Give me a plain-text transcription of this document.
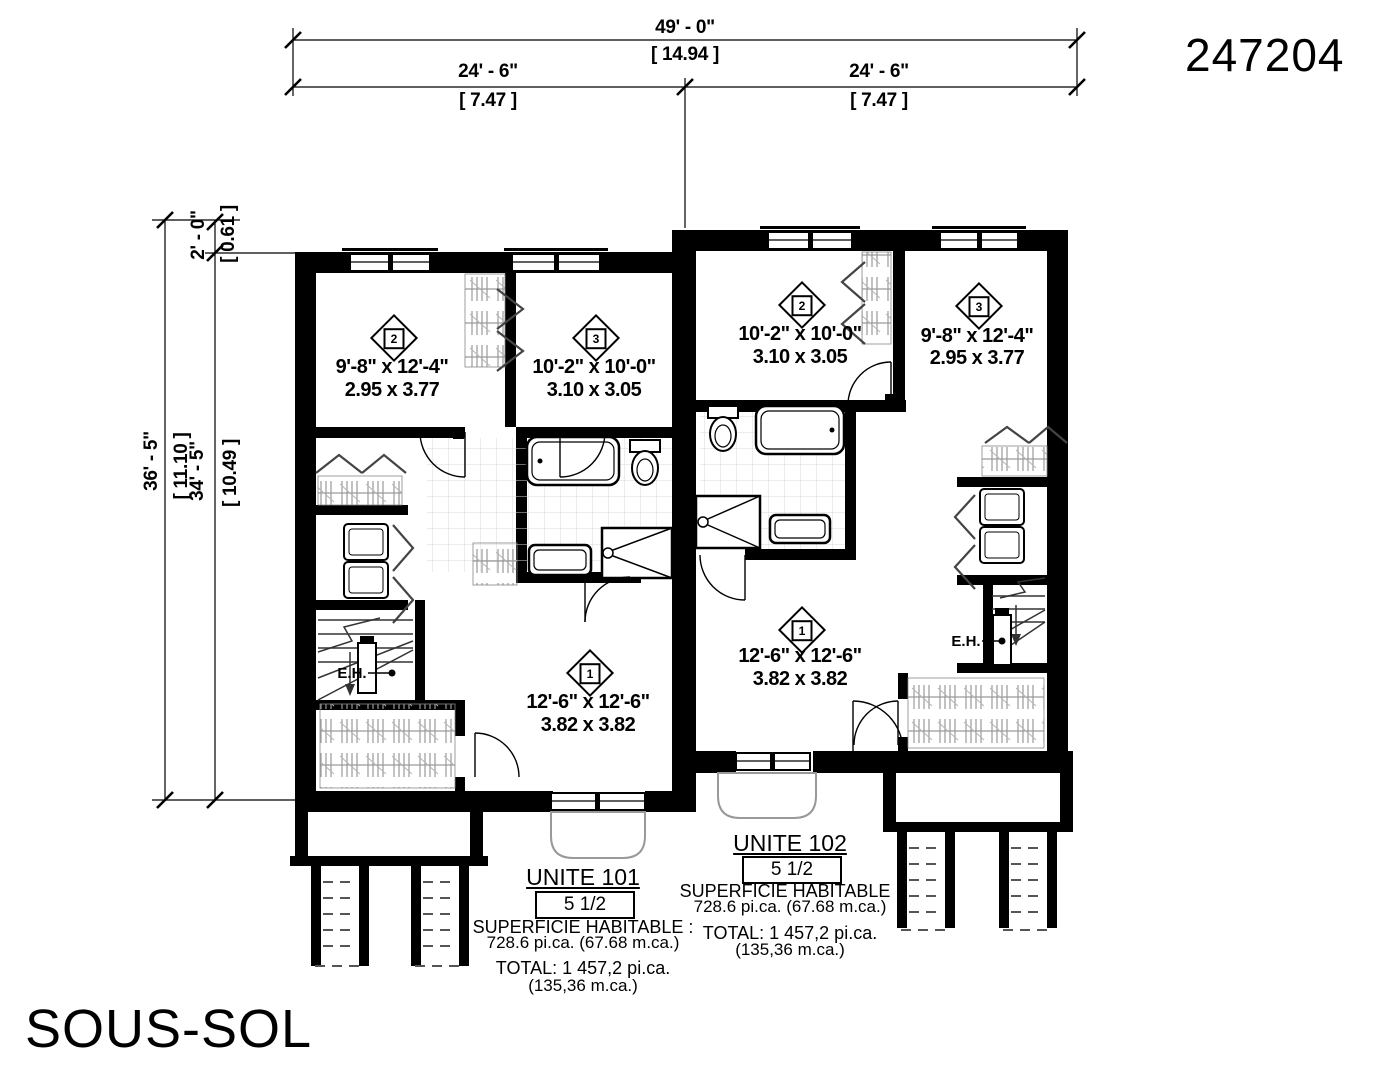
247204
49' - 0"
[ 14.94 ]
24' - 6"
[ 7.47 ]
24' - 6"
[ 7.47 ]
36' - 5" [ 11.10 ]
34' - 5" [ 10.49 ]
2' - 0" [ 0.61 ]
2
9'-8" x 12'-4"
2.95 x 3.77
3
10'-2" x 10'-0"
3.10 x 3.05
1
12'-6" x 12'-6"
3.82 x 3.82
E.H.
2
10'-2" x 10'-0"
3.10 x 3.05
3
9'-8" x 12'-4"
2.95 x 3.77
1
12'-6" x 12'-6"
3.82 x 3.82
E.H.
UNITE 101
5 1/2
SUPERFICIE HABITABLE :
728.6 pi.ca. (67.68 m.ca.)
TOTAL: 1 457,2 pi.ca.
(135,36 m.ca.)
UNITE 102
5 1/2
SUPERFICIE HABITABLE :
728.6 pi.ca. (67.68 m.ca.)
TOTAL: 1 457,2 pi.ca.
(135,36 m.ca.)
SOUS-SOL
